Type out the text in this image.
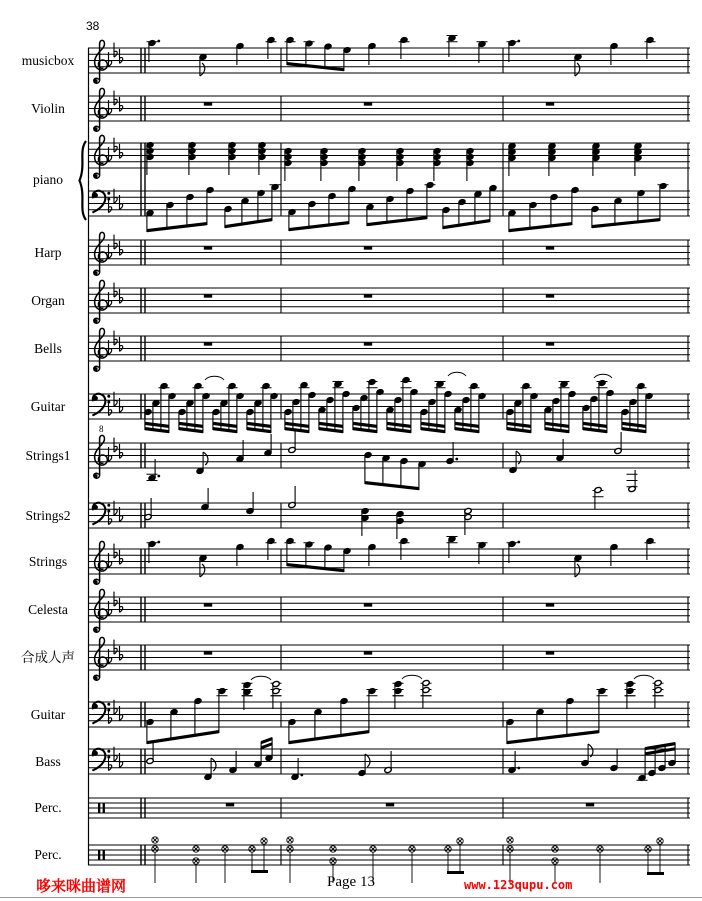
38
8
musicbox
Violin
piano
Harp
Organ
Bells
Guitar
Strings1
Strings2
Strings
Celesta
合成人声
Guitar
Bass
Perc.
Perc.
哆来咪曲谱网	Page 13	www.123qupu.com
